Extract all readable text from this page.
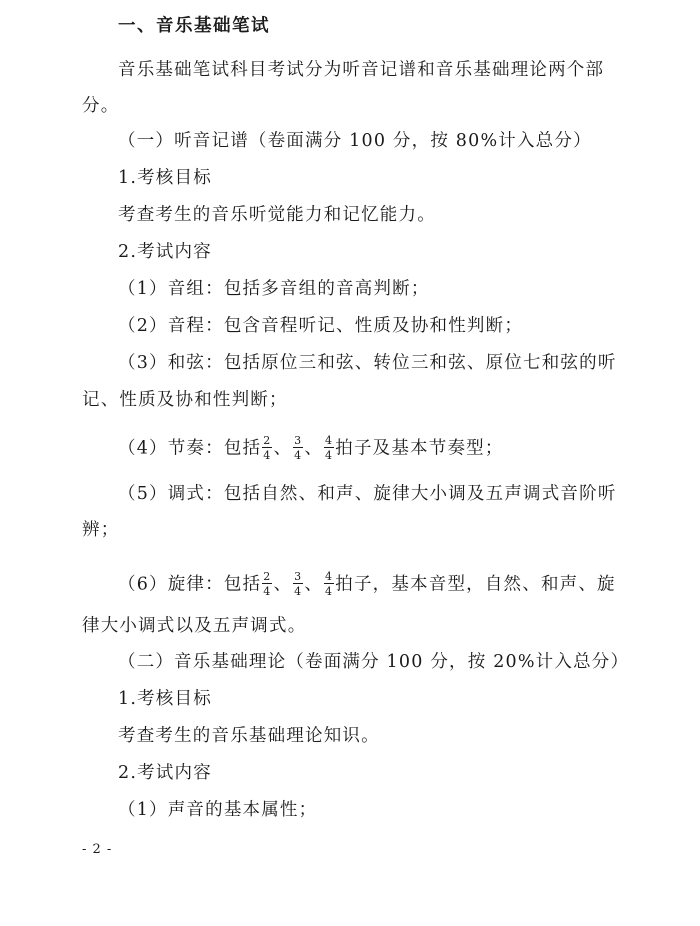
一、音乐基础笔试
音乐基础笔试科目考试分为听音记谱和音乐基础理论两个部
分。
（一）听音记谱（卷面满分 100 分，按 80%计入总分）
1.考核目标
考查考生的音乐听觉能力和记忆能力。
2.考试内容
（1）音组：包括多音组的音高判断；
（2）音程：包含音程听记、性质及协和性判断；
（3）和弦：包括原位三和弦、转位三和弦、原位七和弦的听
记、性质及协和性判断；
（4）节奏：包括 $\frac{2}{4}$ 、 $\frac{3}{4}$ 、 $\frac{4}{4}$ 拍子及基本节奏型；
（5）调式：包括自然、和声、旋律大小调及五声调式音阶听
辨；
（6）旋律：包括 $\frac{2}{4}$ 、 $\frac{3}{4}$ 、 $\frac{4}{4}$ 拍子，基本音型，自然、和声、旋
律大小调式以及五声调式。
（二）音乐基础理论（卷面满分 100 分，按 20%计入总分）
1.考核目标
考查考生的音乐基础理论知识。
2.考试内容
（1）声音的基本属性；
- 2 -
